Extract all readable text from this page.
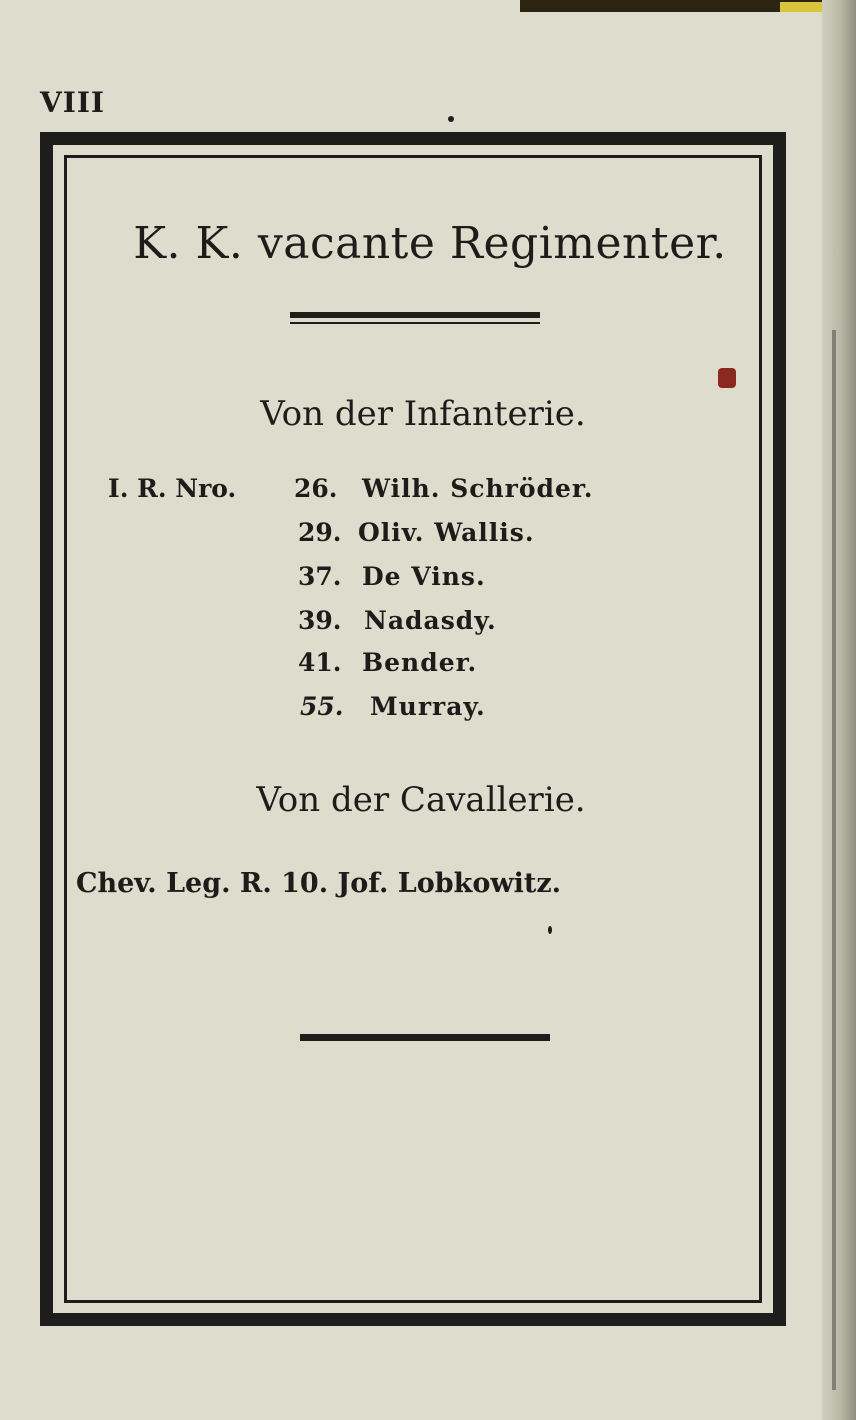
VIII
K. K. vacante Regimenter.
Von der Infanterie.
I. R. Nro. 26. Wilh. Schröder.
29. Oliv. Wallis.
37. De Vins.
39. Nadasdy.
41. Bender.
55. Murray.
Von der Cavallerie.
Chev. Leg. R. 10. Jof. Lobkowitz.
